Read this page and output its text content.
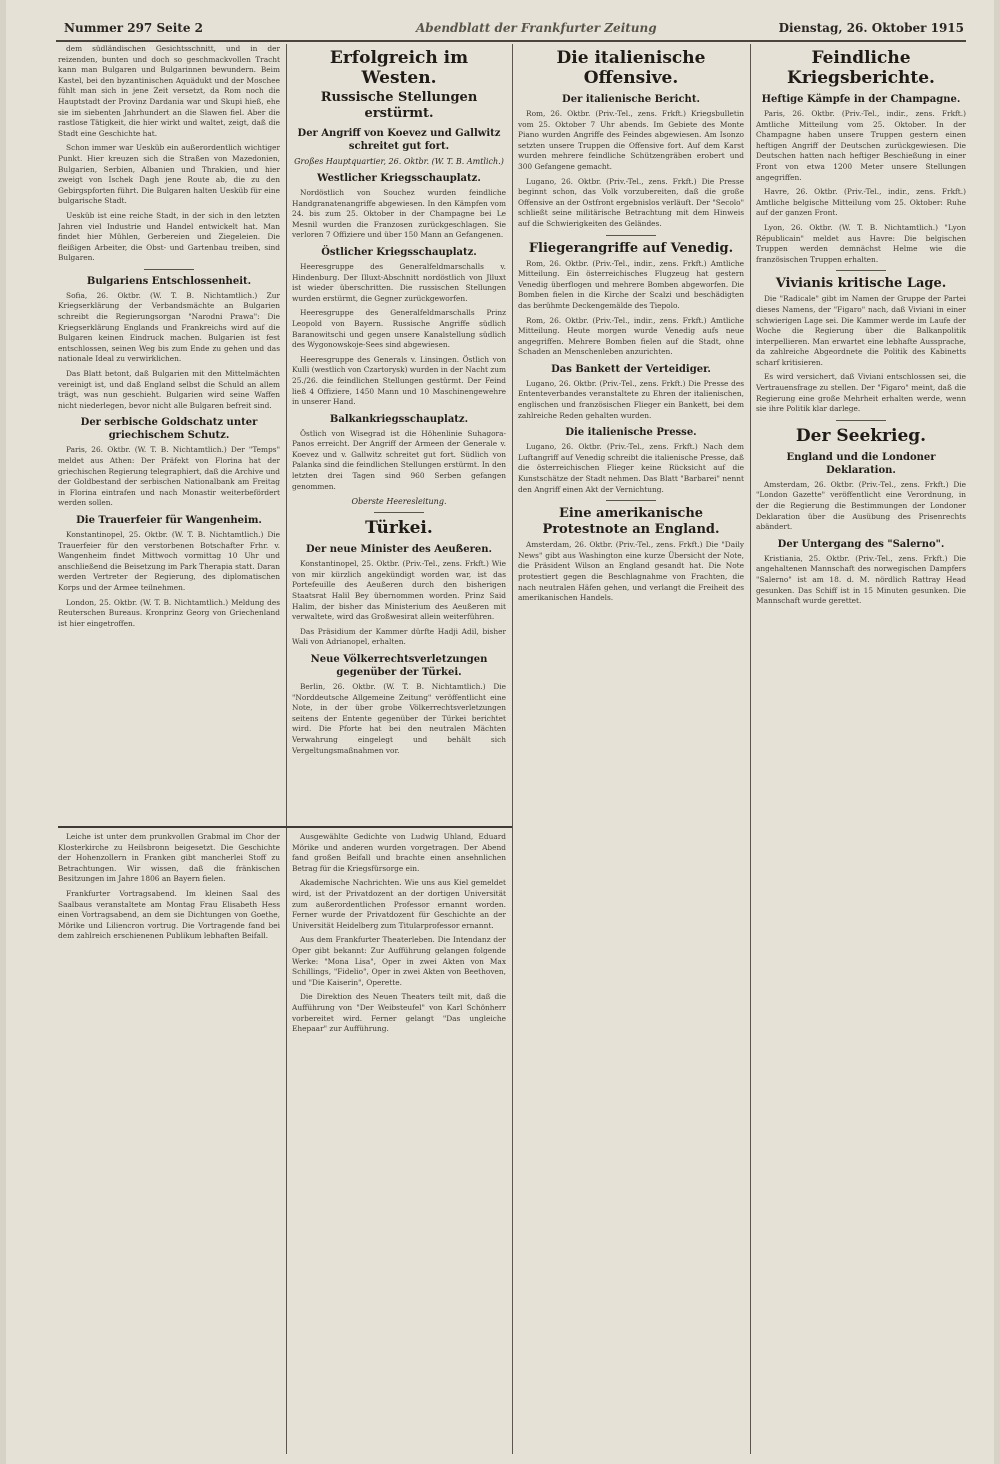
Nummer 297 Seite 2	Abendblatt der Frankfurter Zeitung	Dienstag, 26. Oktober 1915

dem südländischen Gesichtsschnitt, und in der reizenden, bunten und doch so geschmackvollen Tracht kann man Bulgaren und Bulgarinnen bewundern. Beim Kastel, bei den byzantinischen Aquädukt und der Moschee fühlt man sich in jene Zeit versetzt, da Rom noch die Hauptstadt der Provinz Dardania war und Skupi hieß, ehe sie im siebenten Jahrhundert an die Slawen fiel. Aber die rastlose Tätigkeit, die hier wirkt und waltet, zeigt, daß die Stadt eine Geschichte hat.

Schon immer war Uesküb ein außerordentlich wichtiger Punkt. Hier kreuzen sich die Straßen von Mazedonien, Bulgarien, Serbien, Albanien und Thrakien, und hier zweigt von Ischek Dagh jene Route ab, die zu den Gebirgspforten führt. Die Bulgaren halten Uesküb für eine bulgarische Stadt.

Uesküb ist eine reiche Stadt, in der sich in den letzten Jahren viel Industrie und Handel entwickelt hat. Man findet hier Mühlen, Gerbereien und Ziegeleien. Die fleißigen Arbeiter, die Obst- und Gartenbau treiben, sind Bulgaren.

Bulgariens Entschlossenheit.

Sofia, 26. Oktbr. (W. T. B. Nichtamtlich.) Zur Kriegserklärung der Verbandsmächte an Bulgarien schreibt die Regierungsorgan "Narodni Prawa": Die Kriegserklärung Englands und Frankreichs wird auf die Bulgaren keinen Eindruck machen. Bulgarien ist fest entschlossen, seinen Weg bis zum Ende zu gehen und das nationale Ideal zu verwirklichen.

Das Blatt betont, daß Bulgarien mit den Mittelmächten vereinigt ist, und daß England selbst die Schuld an allem trägt, was nun geschieht. Bulgarien wird seine Waffen nicht niederlegen, bevor nicht alle Bulgaren befreit sind.

Der serbische Goldschatz unter griechischem Schutz.

Paris, 26. Oktbr. (W. T. B. Nichtamtlich.) Der "Temps" meldet aus Athen: Der Präfekt von Florina hat der griechischen Regierung telegraphiert, daß die Archive und der Goldbestand der serbischen Nationalbank am Freitag in Florina eintrafen und nach Monastir weiterbefördert werden sollen.

Die Trauerfeier für Wangenheim.

Konstantinopel, 25. Oktbr. (W. T. B. Nichtamtlich.) Die Trauerfeier für den verstorbenen Botschafter Frhr. v. Wangenheim findet Mittwoch vormittag 10 Uhr und anschließend die Beisetzung im Park Therapia statt. Daran werden Vertreter der Regierung, des diplomatischen Korps und der Armee teilnehmen.

London, 25. Oktbr. (W. T. B. Nichtamtlich.) Meldung des Reuterschen Bureaus. Kronprinz Georg von Griechenland ist hier eingetroffen.

Erfolgreich im Westen.
Russische Stellungen erstürmt.
Der Angriff von Koevez und Gallwitz schreitet gut fort.
Großes Hauptquartier, 26. Oktbr. (W. T. B. Amtlich.)
Westlicher Kriegsschauplatz.

Nordöstlich von Souchez wurden feindliche Handgranatenangriffe abgewiesen. In den Kämpfen vom 24. bis zum 25. Oktober in der Champagne bei Le Mesnil wurden die Franzosen zurückgeschlagen. Sie verloren 7 Offiziere und über 150 Mann an Gefangenen.

Östlicher Kriegsschauplatz.

Heeresgruppe des Generalfeldmarschalls v. Hindenburg. Der Illuxt-Abschnitt nordöstlich von Jlluxt ist wieder überschritten. Die russischen Stellungen wurden erstürmt, die Gegner zurückgeworfen.

Heeresgruppe des Generalfeldmarschalls Prinz Leopold von Bayern. Russische Angriffe südlich Baranowitschi und gegen unsere Kanalstellung südlich des Wygonowskoje-Sees sind abgewiesen.

Heeresgruppe des Generals v. Linsingen. Östlich von Kulli (westlich von Czartorysk) wurden in der Nacht zum 25./26. die feindlichen Stellungen gestürmt. Der Feind ließ 4 Offiziere, 1450 Mann und 10 Maschinengewehre in unserer Hand.

Balkankriegsschauplatz.

Östlich von Wisegrad ist die Höhenlinie Suhagora-Panos erreicht. Der Angriff der Armeen der Generale v. Koevez und v. Gallwitz schreitet gut fort. Südlich von Palanka sind die feindlichen Stellungen erstürmt. In den letzten drei Tagen sind 960 Serben gefangen genommen.

Oberste Heeresleitung.
Türkei.
Der neue Minister des Aeußeren.

Konstantinopel, 25. Oktbr. (Priv.-Tel., zens. Frkft.) Wie von mir kürzlich angekündigt worden war, ist das Portefeuille des Aeußeren durch den bisherigen Staatsrat Halil Bey übernommen worden. Prinz Said Halim, der bisher das Ministerium des Aeußeren mit verwaltete, wird das Großwesirat allein weiterführen.

Das Präsidium der Kammer dürfte Hadji Adil, bisher Wali von Adrianopel, erhalten.

Neue Völkerrechtsverletzungen gegenüber der Türkei.

Berlin, 26. Oktbr. (W. T. B. Nichtamtlich.) Die "Norddeutsche Allgemeine Zeitung" veröffentlicht eine Note, in der über grobe Völkerrechtsverletzungen seitens der Entente gegenüber der Türkei berichtet wird. Die Pforte hat bei den neutralen Mächten Verwahrung eingelegt und behält sich Vergeltungsmaßnahmen vor.

Die italienische Offensive.
Der italienische Bericht.

Rom, 26. Oktbr. (Priv.-Tel., zens. Frkft.) Kriegsbulletin vom 25. Oktober 7 Uhr abends. Im Gebiete des Monte Piano wurden Angriffe des Feindes abgewiesen. Am Isonzo setzten unsere Truppen die Offensive fort. Auf dem Karst wurden mehrere feindliche Schützengräben erobert und 300 Gefangene gemacht.

Lugano, 26. Oktbr. (Priv.-Tel., zens. Frkft.) Die Presse beginnt schon, das Volk vorzubereiten, daß die große Offensive an der Ostfront ergebnislos verläuft. Der "Secolo" schließt seine militärische Betrachtung mit dem Hinweis auf die Schwierigkeiten des Geländes.

Fliegerangriffe auf Venedig.

Rom, 26. Oktbr. (Priv.-Tel., indir., zens. Frkft.) Amtliche Mitteilung. Ein österreichisches Flugzeug hat gestern Venedig überflogen und mehrere Bomben abgeworfen. Die Bomben fielen in die Kirche der Scalzi und beschädigten das berühmte Deckengemälde des Tiepolo.

Rom, 26. Oktbr. (Priv.-Tel., indir., zens. Frkft.) Amtliche Mitteilung. Heute morgen wurde Venedig aufs neue angegriffen. Mehrere Bomben fielen auf die Stadt, ohne Schaden an Menschenleben anzurichten.

Das Bankett der Verteidiger.

Lugano, 26. Oktbr. (Priv.-Tel., zens. Frkft.) Die Presse des Ententeverbandes veranstaltete zu Ehren der italienischen, englischen und französischen Flieger ein Bankett, bei dem zahlreiche Reden gehalten wurden.

Die italienische Presse.

Lugano, 26. Oktbr. (Priv.-Tel., zens. Frkft.) Nach dem Luftangriff auf Venedig schreibt die italienische Presse, daß die österreichischen Flieger keine Rücksicht auf die Kunstschätze der Stadt nehmen. Das Blatt "Barbarei" nennt den Angriff einen Akt der Vernichtung.

Eine amerikanische Protestnote an England.

Amsterdam, 26. Oktbr. (Priv.-Tel., zens. Frkft.) Die "Daily News" gibt aus Washington eine kurze Übersicht der Note, die Präsident Wilson an England gesandt hat. Die Note protestiert gegen die Beschlagnahme von Frachten, die nach neutralen Häfen gehen, und verlangt die Freiheit des amerikanischen Handels.

Feindliche Kriegsberichte.
Heftige Kämpfe in der Champagne.

Paris, 26. Oktbr. (Priv.-Tel., indir., zens. Frkft.) Amtliche Mitteilung vom 25. Oktober. In der Champagne haben unsere Truppen gestern einen heftigen Angriff der Deutschen zurückgewiesen. Die Deutschen hatten nach heftiger Beschießung in einer Front von etwa 1200 Meter unsere Stellungen angegriffen.

Havre, 26. Oktbr. (Priv.-Tel., indir., zens. Frkft.) Amtliche belgische Mitteilung vom 25. Oktober: Ruhe auf der ganzen Front.

Lyon, 26. Oktbr. (W. T. B. Nichtamtlich.) "Lyon Républicain" meldet aus Havre: Die belgischen Truppen werden demnächst Helme wie die französischen Truppen erhalten.

Vivianis kritische Lage.

Die "Radicale" gibt im Namen der Gruppe der Partei dieses Namens, der "Figaro" nach, daß Viviani in einer schwierigen Lage sei. Die Kammer werde im Laufe der Woche die Regierung über die Balkanpolitik interpellieren. Man erwartet eine lebhafte Aussprache, da zahlreiche Abgeordnete die Politik des Kabinetts scharf kritisieren.

Es wird versichert, daß Viviani entschlossen sei, die Vertrauensfrage zu stellen. Der "Figaro" meint, daß die Regierung eine große Mehrheit erhalten werde, wenn sie ihre Politik klar darlege.

Der Seekrieg.
England und die Londoner Deklaration.

Amsterdam, 26. Oktbr. (Priv.-Tel., zens. Frkft.) Die "London Gazette" veröffentlicht eine Verordnung, in der die Regierung die Bestimmungen der Londoner Deklaration über die Ausübung des Prisenrechts abändert.

Der Untergang des "Salerno".

Kristiania, 25. Oktbr. (Priv.-Tel., zens. Frkft.) Die angehaltenen Mannschaft des norwegischen Dampfers "Salerno" ist am 18. d. M. nördlich Rattray Head gesunken. Das Schiff ist in 15 Minuten gesunken. Die Mannschaft wurde gerettet.

Leiche ist unter dem prunkvollen Grabmal im Chor der Klosterkirche zu Heilsbronn beigesetzt. Die Geschichte der Hohenzollern in Franken gibt mancherlei Stoff zu Betrachtungen. Wir wissen, daß die fränkischen Besitzungen im Jahre 1806 an Bayern fielen.

Frankfurter Vortragsabend. Im kleinen Saal des Saalbaus veranstaltete am Montag Frau Elisabeth Hess einen Vortragsabend, an dem sie Dichtungen von Goethe, Mörike und Liliencron vortrug. Die Vortragende fand bei dem zahlreich erschienenen Publikum lebhaften Beifall.

Ausgewählte Gedichte von Ludwig Uhland, Eduard Mörike und anderen wurden vorgetragen. Der Abend fand großen Beifall und brachte einen ansehnlichen Betrag für die Kriegsfürsorge ein.

Akademische Nachrichten. Wie uns aus Kiel gemeldet wird, ist der Privatdozent an der dortigen Universität zum außerordentlichen Professor ernannt worden. Ferner wurde der Privatdozent für Geschichte an der Universität Heidelberg zum Titularprofessor ernannt.

Aus dem Frankfurter Theaterleben. Die Intendanz der Oper gibt bekannt: Zur Aufführung gelangen folgende Werke: "Mona Lisa", Oper in zwei Akten von Max Schillings, "Fidelio", Oper in zwei Akten von Beethoven, und "Die Kaiserin", Operette.

Die Direktion des Neuen Theaters teilt mit, daß die Aufführung von "Der Weibsteufel" von Karl Schönherr vorbereitet wird. Ferner gelangt "Das ungleiche Ehepaar" zur Aufführung.
